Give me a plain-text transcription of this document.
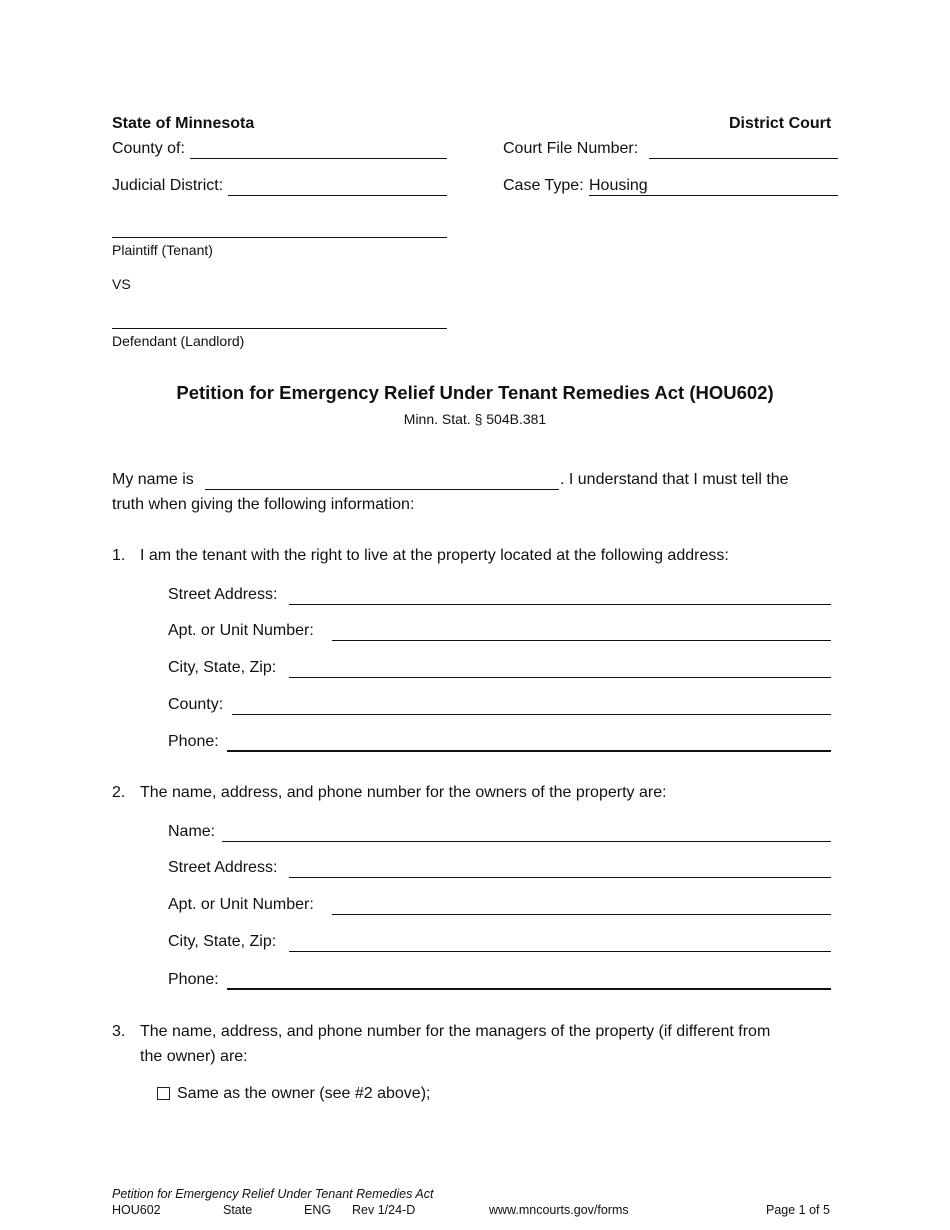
State of Minnesota	District Court
County of:	Court File Number:
Judicial District:	Case Type: Housing
Plaintiff (Tenant)
VS
Defendant (Landlord)
Petition for Emergency Relief Under Tenant Remedies Act (HOU602)
Minn. Stat. § 504B.381
My name is	. I understand that I must tell the
truth when giving the following information:
1. I am the tenant with the right to live at the property located at the following address:
Street Address:
Apt. or Unit Number:
City, State, Zip:
County:
Phone:
2. The name, address, and phone number for the owners of the property are:
Name:
Street Address:
Apt. or Unit Number:
City, State, Zip:
Phone:
3. The name, address, and phone number for the managers of the property (if different from
the owner) are:
Same as the owner (see #2 above);
Petition for Emergency Relief Under Tenant Remedies Act
HOU602	State	ENG Rev 1/24-D	www.mncourts.gov/forms	Page 1 of 5
